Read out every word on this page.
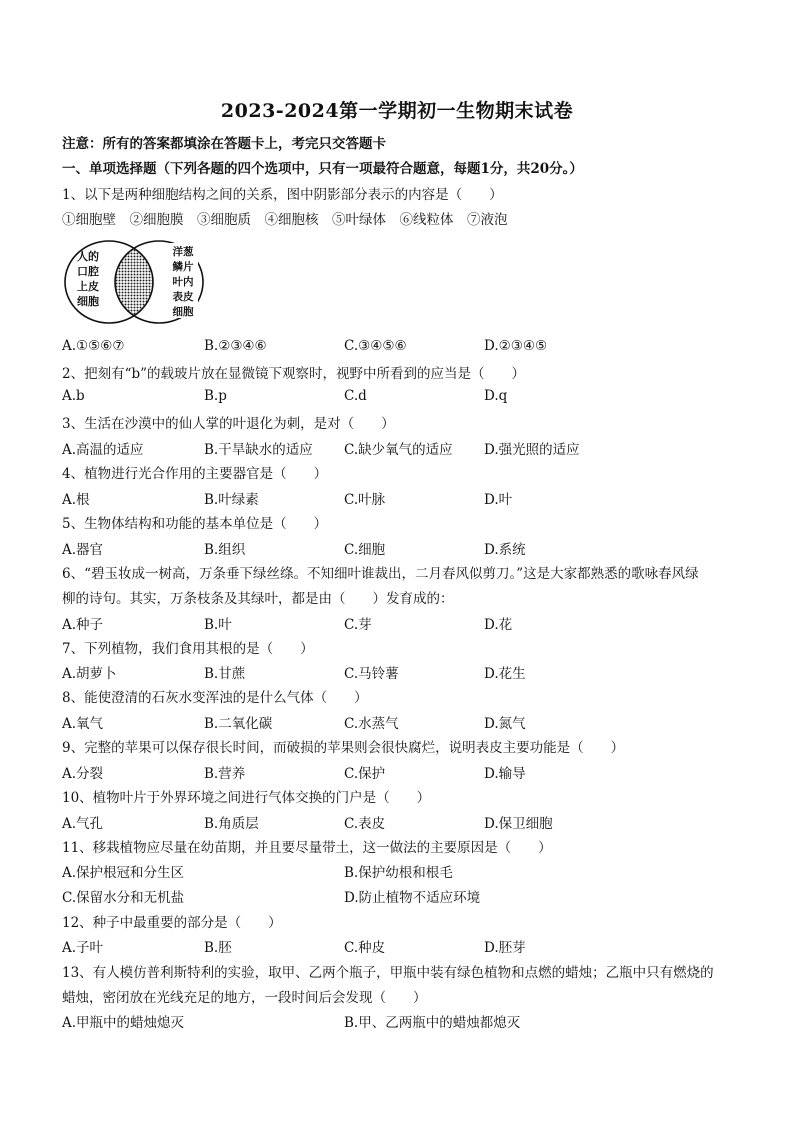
2023-2024第一学期初一生物期末试卷
注意：所有的答案都填涂在答题卡上，考完只交答题卡
一、单项选择题（下列各题的四个选项中，只有一项最符合题意，每题1分，共20分。）
1、以下是两种细胞结构之间的关系，图中阴影部分表示的内容是（　　）
①细胞壁　②细胞膜　③细胞质　④细胞核　⑤叶绿体　⑥线粒体　⑦液泡
人的
口腔
上皮
细胞
洋葱
鳞片
叶内
表皮
细胞
A.①⑤⑥⑦	B.②③④⑥	C.③④⑤⑥	D.②③④⑤
2、把刻有“b”的载玻片放在显微镜下观察时，视野中所看到的应当是（　　）
A.b	B.p	C.d	D.q
3、生活在沙漠中的仙人掌的叶退化为刺，是对（　　）
A.高温的适应	B.干旱缺水的适应 C.缺少氧气的适应 D.强光照的适应
4、植物进行光合作用的主要器官是（　　）
A.根	B.叶绿素	C.叶脉	D.叶
5、生物体结构和功能的基本单位是（　　）
A.器官	B.组织	C.细胞	D.系统
6、“碧玉妆成一树高，万条垂下绿丝绦。不知细叶谁裁出，二月春风似剪刀。”这是大家都熟悉的歌咏春风绿
柳的诗句。其实，万条枝条及其绿叶，都是由（　　）发育成的：
A.种子	B.叶	C.芽	D.花
7、下列植物，我们食用其根的是（　　）
A.胡萝卜	B.甘蔗	C.马铃薯	D.花生
8、能使澄清的石灰水变浑浊的是什么气体（　　）
A.氧气	B.二氧化碳	C.水蒸气	D.氮气
9、完整的苹果可以保存很长时间，而破损的苹果则会很快腐烂，说明表皮主要功能是（　　）
A.分裂	B.营养	C.保护	D.输导
10、植物叶片于外界环境之间进行气体交换的门户是（　　）
A.气孔	B.角质层	C.表皮	D.保卫细胞
11、移栽植物应尽量在幼苗期，并且要尽量带土，这一做法的主要原因是（　　）
A.保护根冠和分生区	B.保护幼根和根毛
C.保留水分和无机盐	D.防止植物不适应环境
12、种子中最重要的部分是（　　）
A.子叶	B.胚	C.种皮	D.胚芽
13、有人模仿普利斯特利的实验，取甲、乙两个瓶子，甲瓶中装有绿色植物和点燃的蜡烛；乙瓶中只有燃烧的
蜡烛，密闭放在光线充足的地方，一段时间后会发现（　　）
A.甲瓶中的蜡烛熄灭	B.甲、乙两瓶中的蜡烛都熄灭
